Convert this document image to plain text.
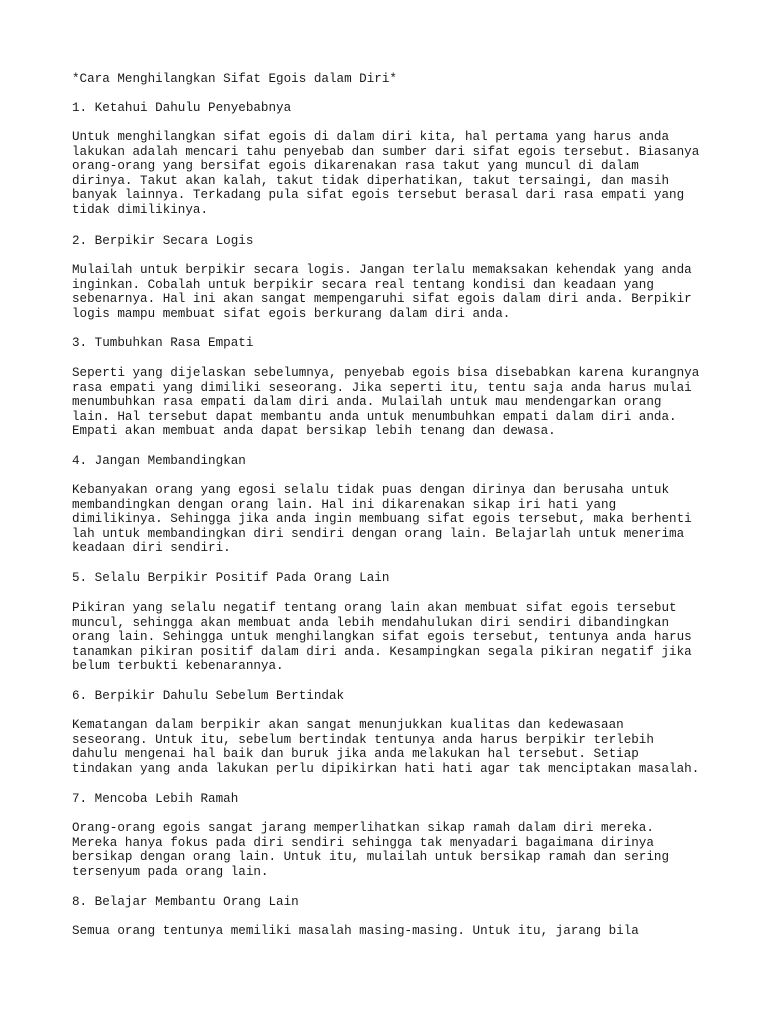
*Cara Menghilangkan Sifat Egois dalam Diri*

1. Ketahui Dahulu Penyebabnya

Untuk menghilangkan sifat egois di dalam diri kita, hal pertama yang harus anda
lakukan adalah mencari tahu penyebab dan sumber dari sifat egois tersebut. Biasanya
orang-orang yang bersifat egois dikarenakan rasa takut yang muncul di dalam
dirinya. Takut akan kalah, takut tidak diperhatikan, takut tersaingi, dan masih
banyak lainnya. Terkadang pula sifat egois tersebut berasal dari rasa empati yang
tidak dimilikinya.

2. Berpikir Secara Logis

Mulailah untuk berpikir secara logis. Jangan terlalu memaksakan kehendak yang anda
inginkan. Cobalah untuk berpikir secara real tentang kondisi dan keadaan yang
sebenarnya. Hal ini akan sangat mempengaruhi sifat egois dalam diri anda. Berpikir
logis mampu membuat sifat egois berkurang dalam diri anda.

3. Tumbuhkan Rasa Empati

Seperti yang dijelaskan sebelumnya, penyebab egois bisa disebabkan karena kurangnya
rasa empati yang dimiliki seseorang. Jika seperti itu, tentu saja anda harus mulai
menumbuhkan rasa empati dalam diri anda. Mulailah untuk mau mendengarkan orang
lain. Hal tersebut dapat membantu anda untuk menumbuhkan empati dalam diri anda.
Empati akan membuat anda dapat bersikap lebih tenang dan dewasa.

4. Jangan Membandingkan

Kebanyakan orang yang egosi selalu tidak puas dengan dirinya dan berusaha untuk
membandingkan dengan orang lain. Hal ini dikarenakan sikap iri hati yang
dimilikinya. Sehingga jika anda ingin membuang sifat egois tersebut, maka berhenti
lah untuk membandingkan diri sendiri dengan orang lain. Belajarlah untuk menerima
keadaan diri sendiri.

5. Selalu Berpikir Positif Pada Orang Lain

Pikiran yang selalu negatif tentang orang lain akan membuat sifat egois tersebut
muncul, sehingga akan membuat anda lebih mendahulukan diri sendiri dibandingkan
orang lain. Sehingga untuk menghilangkan sifat egois tersebut, tentunya anda harus
tanamkan pikiran positif dalam diri anda. Kesampingkan segala pikiran negatif jika
belum terbukti kebenarannya.

6. Berpikir Dahulu Sebelum Bertindak

Kematangan dalam berpikir akan sangat menunjukkan kualitas dan kedewasaan
seseorang. Untuk itu, sebelum bertindak tentunya anda harus berpikir terlebih
dahulu mengenai hal baik dan buruk jika anda melakukan hal tersebut. Setiap
tindakan yang anda lakukan perlu dipikirkan hati hati agar tak menciptakan masalah.

7. Mencoba Lebih Ramah

Orang-orang egois sangat jarang memperlihatkan sikap ramah dalam diri mereka.
Mereka hanya fokus pada diri sendiri sehingga tak menyadari bagaimana dirinya
bersikap dengan orang lain. Untuk itu, mulailah untuk bersikap ramah dan sering
tersenyum pada orang lain.

8. Belajar Membantu Orang Lain

Semua orang tentunya memiliki masalah masing-masing. Untuk itu, jarang bila
